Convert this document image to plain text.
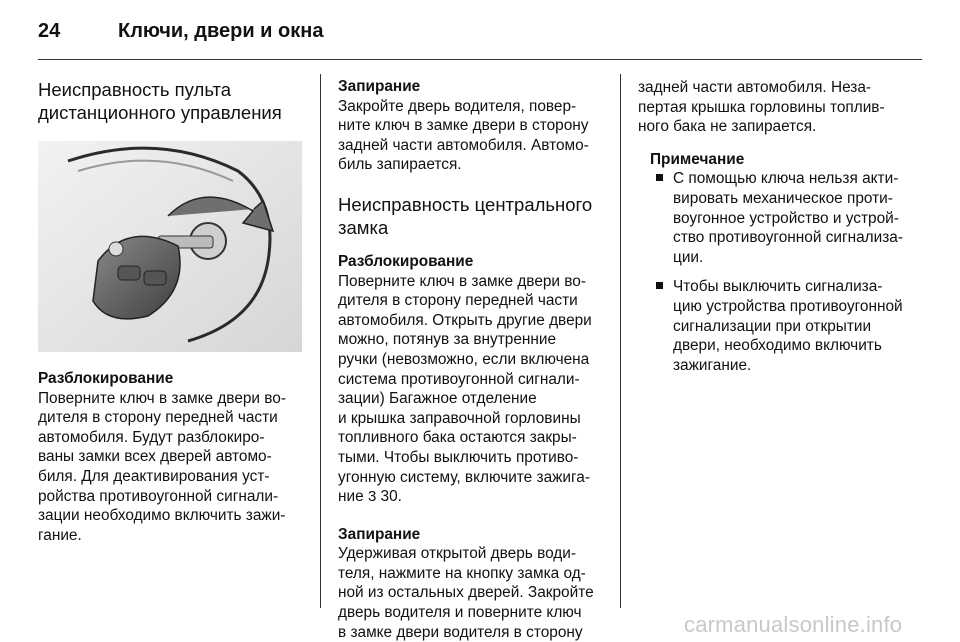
24	Ключи, двери и окна

Неисправность пульта
дистанционного управления

Разблокирование

Поверните ключ в замке двери во-
дителя в сторону передней части
автомобиля. Будут разблокиро-
ваны замки всех дверей автомо-
биля. Для деактивирования уст-
ройства противоугонной сигнали-
зации необходимо включить зажи-
гание.

Запирание

Закройте дверь водителя, повер-
ните ключ в замке двери в сторону
задней части автомобиля. Автомо-
биль запирается.

Неисправность центрального
замка

Разблокирование

Поверните ключ в замке двери во-
дителя в сторону передней части
автомобиля. Открыть другие двери
можно, потянув за внутренние
ручки (невозможно, если включена
система противоугонной сигнали-
зации) Багажное отделение
и крышка заправочной горловины
топливного бака остаются закры-
тыми. Чтобы выключить противо-
угонную систему, включите зажига-
ние 3 30.

Запирание

Удерживая открытой дверь води-
теля, нажмите на кнопку замка од-
ной из остальных дверей. Закройте
дверь водителя и поверните ключ
в замке двери водителя в сторону

задней части автомобиля. Неза-
пертая крышка горловины топлив-
ного бака не запирается.

Примечание

С помощью ключа нельзя акти-
вировать механическое проти-
воугонное устройство и устрой-
ство противоугонной сигнализа-
ции.
Чтобы выключить сигнализа-
цию устройства противоугонной
сигнализации при открытии
двери, необходимо включить
зажигание.
carmanualsonline.info
